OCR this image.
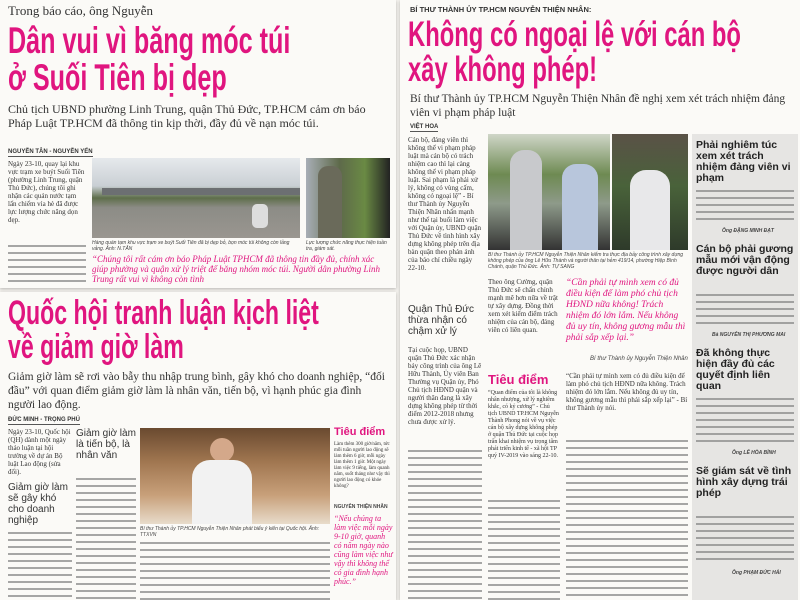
BÍ THƯ THÀNH ỦY TP.HCM NGUYỄN THIỆN NHÂN:
Không có ngoại lệ với cán bộ
xây không phép!
Bí thư Thành ủy TP.HCM Nguyễn Thiện Nhân đề nghị xem xét trách nhiệm đảng viên vi phạm pháp luật
VIỆT HOA
Cán bộ, đảng viên thì không thể vi phạm pháp luật mà cán bộ có trách nhiệm cao thì lại càng không thể vi phạm pháp luật. Sai phạm là phải xử lý, không có vùng cấm, không có ngoại lệ” - Bí thư Thành ủy Nguyễn Thiện Nhân nhấn mạnh như thế tại buổi làm việc với Quận ủy, UBND quận Thủ Đức về tình hình xây dựng không phép trên địa bàn quận theo phản ánh của báo chí chiều ngày 22-10.
Quận Thủ Đức thừa nhận có chậm xử lý
Tại cuộc họp, UBND quận Thủ Đức xác nhận bảy công trình của ông Lê Hữu Thành, Ủy viên Ban Thường vụ Quận ủy, Phó Chủ tịch HĐND quận và người thân đang là xây dựng không phép từ thời điểm 2012-2018 nhưng chưa được xử lý.
Bí thư Thành ủy TP.HCM Nguyễn Thiện Nhân kiểm tra thực địa bảy công trình xây dựng không phép của ông Lê Hữu Thành và người thân tại hẻm 419/14, phường Hiệp Bình Chánh, quận Thủ Đức. Ảnh: TỰ SANG
Theo ông Cường, quận Thủ Đức sẽ chấn chỉnh mạnh mẽ hơn nữa về trật tự xây dựng. Đồng thời xem xét kiểm điểm trách nhiệm của cán bộ, đảng viên có liên quan.
Tiêu điểm
“Quan điểm của tôi là không nhân nhượng, xử lý nghiêm khắc, có kỷ cương” - Chủ tịch UBND TP.HCM Nguyễn Thành Phong nói về vụ việc cán bộ xây dựng không phép ở quận Thủ Đức tại cuộc họp trấn khai nhiệm vụ trọng tâm phát triển kinh tế - xã hội TP quý IV-2019 vào sáng 22-10.
“Cần phải tự mình xem có đủ điều kiện để làm phó chủ tịch HĐND nữa không! Trách nhiệm đó lớn lắm. Nếu không đủ uy tín, không gương mẫu thì phải sắp xếp lại.”
Bí thư Thành ủy Nguyễn Thiện Nhân
“Cần phải tự mình xem có đủ điều kiện để làm phó chủ tịch HĐND nữa không. Trách nhiệm đó lớn lắm. Nếu không đủ uy tín, không gương mẫu thì phải sắp xếp lại” - Bí thư Thành ủy nói.
Phải nghiêm túc xem xét trách nhiệm đảng viên vi phạm
Ông ĐẶNG MINH ĐẠT
Cán bộ phải gương mẫu mới vận động được người dân
Bà NGUYỄN THỊ PHƯƠNG MAI
Đã không thực hiện đầy đủ các quyết định liên quan
Ông LÊ HÒA BÌNH
Sẽ giám sát về tình hình xây dựng trái phép
Ông PHẠM ĐỨC HẢI
Trong báo cáo, ông Nguyễn
Dân vui vì băng móc túi
ở Suối Tiên bị dẹp
Chủ tịch UBND phường Linh Trung, quận Thủ Đức, TP.HCM cảm ơn báo Pháp Luật TP.HCM đã thông tin kịp thời, đầy đủ về nạn móc túi.
NGUYỄN TÂN - NGUYỄN YẾN
Ngày 23-10, quay lại khu vực trạm xe buýt Suối Tiên (phường Linh Trung, quận Thủ Đức), chúng tôi ghi nhận các quán nước tạm lấn chiếm vỉa hè đã được lực lượng chức năng dọn dẹp.
Hàng quán tạm khu vực trạm xe buýt Suối Tiên đã bị dẹp bỏ, bọn móc túi không còn lảng vảng. Ảnh: N.TÂN
Lực lượng chức năng thực hiện tuần tra, giám sát.
“Chúng tôi rất cám ơn báo Pháp Luật TPHCM đã thông tin đầy đủ, chính xác giúp phường và quận xử lý triệt để băng nhóm móc túi. Người dân phường Linh Trung rất vui vì không còn tình
Quốc hội tranh luận kịch liệt
về giảm giờ làm
Giảm giờ làm sẽ rơi vào bẫy thu nhập trung bình, gây khó cho doanh nghiệp, “đối đầu” với quan điểm giảm giờ làm là nhân văn, tiến bộ, vì hạnh phúc gia đình người lao động.
ĐỨC MINH - TRỌNG PHÚ
Ngày 23-10, Quốc hội (QH) dành một ngày thảo luận tại hội trường về dự án Bộ luật Lao động (sửa đổi).
Giảm giờ làm sẽ gây khó cho doanh nghiệp
Giảm giờ làm là tiến bộ, là nhân văn
Bí thư Thành ủy TP.HCM Nguyễn Thiện Nhân phát biểu ý kiến tại Quốc hội. Ảnh: TTXVN
Tiêu điểm
Làm thêm 300 giờ/năm, tức mỗi tuần người lao động sẽ làm thêm 6 giờ, mỗi ngày làm thêm 1 giờ. Một ngày làm việc 9 tiếng, làm quanh năm, suốt tháng như vậy thì người lao động có khỏe không?
NGUYỄN THIỆN NHÂN
“Nếu chúng ta làm việc mỗi ngày 9-10 giờ, quanh có năm ngày nào cũng làm việc như vậy thì không thể có gia đình hạnh phúc.”
